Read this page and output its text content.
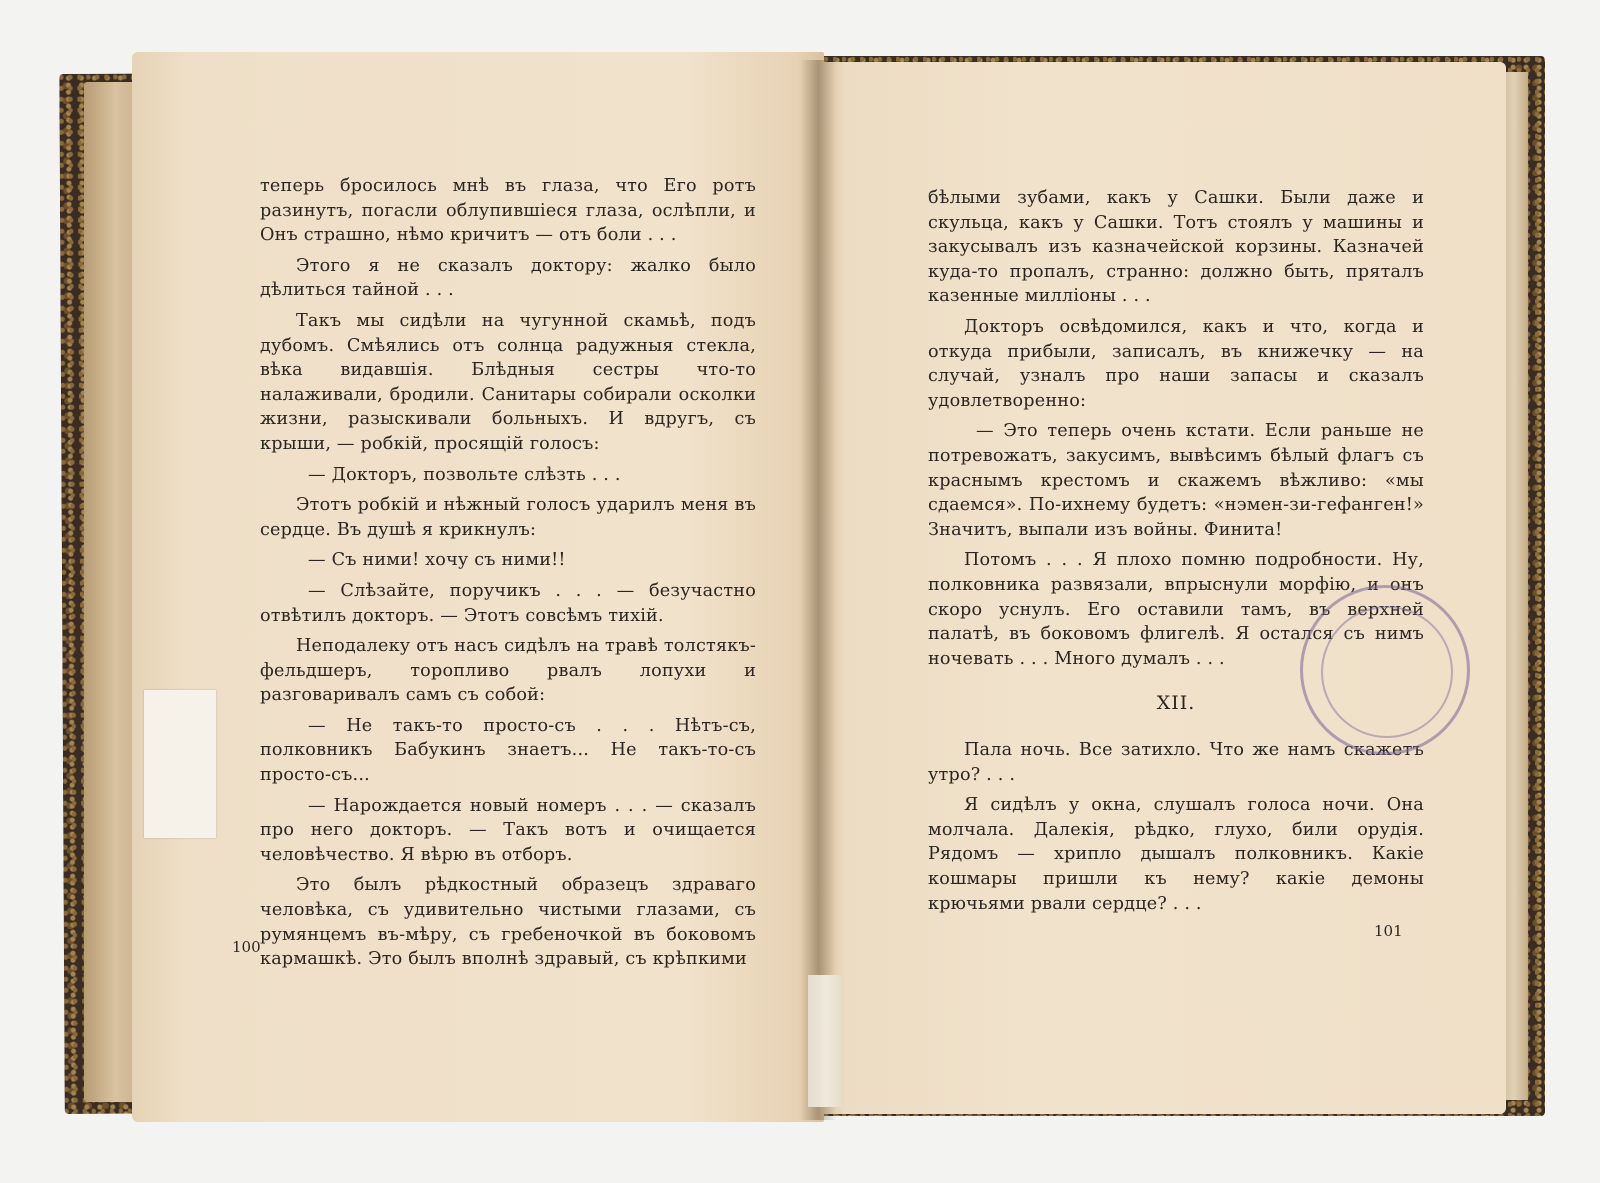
теперь бросилось мнѣ въ глаза, что Его ротъ разинутъ, погасли облупившіеся глаза, ослѣпли, и Онъ страшно, нѣмо кричитъ — отъ боли . . .

Этого я не сказалъ доктору: жалко было дѣлиться тайной . . .

Такъ мы сидѣли на чугунной скамьѣ, подъ дубомъ. Смѣялись отъ солнца радужныя стекла, вѣка видавшія. Блѣдныя сестры что-то налаживали, бродили. Санитары собирали осколки жизни, разыскивали больныхъ. И вдругъ, съ крыши, — робкій, просящій голосъ:

— Докторъ, позвольте слѣзть . . .

Этотъ робкій и нѣжный голосъ ударилъ меня въ сердце. Въ душѣ я крикнулъ:

— Съ ними! хочу съ ними!!

— Слѣзайте, поручикъ . . . — безучастно отвѣтилъ докторъ. — Этотъ совсѣмъ тихій.

Неподалеку отъ насъ сидѣлъ на травѣ толстякъ-фельдшеръ, торопливо рвалъ лопухи и разговаривалъ самъ съ собой:

— Не такъ-то просто-съ . . . Нѣтъ-съ, полковникъ Бабукинъ знаетъ... Не такъ-то-съ просто-съ...

— Нарождается новый номеръ . . . — сказалъ про него докторъ. — Такъ вотъ и очищается человѣчество. Я вѣрю въ отборъ.

Это былъ рѣдкостный образецъ здраваго человѣка, съ удивительно чистыми глазами, съ румянцемъ въ-мѣру, съ гребеночкой въ боковомъ кармашкѣ. Это былъ вполнѣ здравый, съ крѣпкими

100

бѣлыми зубами, какъ у Сашки. Были даже и скульца, какъ у Сашки. Тотъ стоялъ у машины и закусывалъ изъ казначейской корзины. Казначей куда-то пропалъ, странно: должно быть, пряталъ казенные милліоны . . .

Докторъ освѣдомился, какъ и что, когда и откуда прибыли, записалъ, въ книжечку — на случай, узналъ про наши запасы и сказалъ удовлетворенно:

— Это теперь очень кстати. Если раньше не потревожатъ, закусимъ, вывѣсимъ бѣлый флагъ съ краснымъ крестомъ и скажемъ вѣжливо: «мы сдаемся». По-ихнему будетъ: «нэмен-зи-гефанген!» Значитъ, выпали изъ войны. Финита!

Потомъ . . . Я плохо помню подробности. Ну, полковника развязали, впрыснули морфію, и онъ скоро уснулъ. Его оставили тамъ, въ верхней палатѣ, въ боковомъ флигелѣ. Я остался съ нимъ ночевать . . . Много думалъ . . .

XII.

Пала ночь. Все затихло. Что же намъ скажетъ утро? . . .

Я сидѣлъ у окна, слушалъ голоса ночи. Она молчала. Далекія, рѣдко, глухо, били орудія. Рядомъ — хрипло дышалъ полковникъ. Какіе кошмары пришли къ нему? какіе демоны крючьями рвали сердце? . . .

101
